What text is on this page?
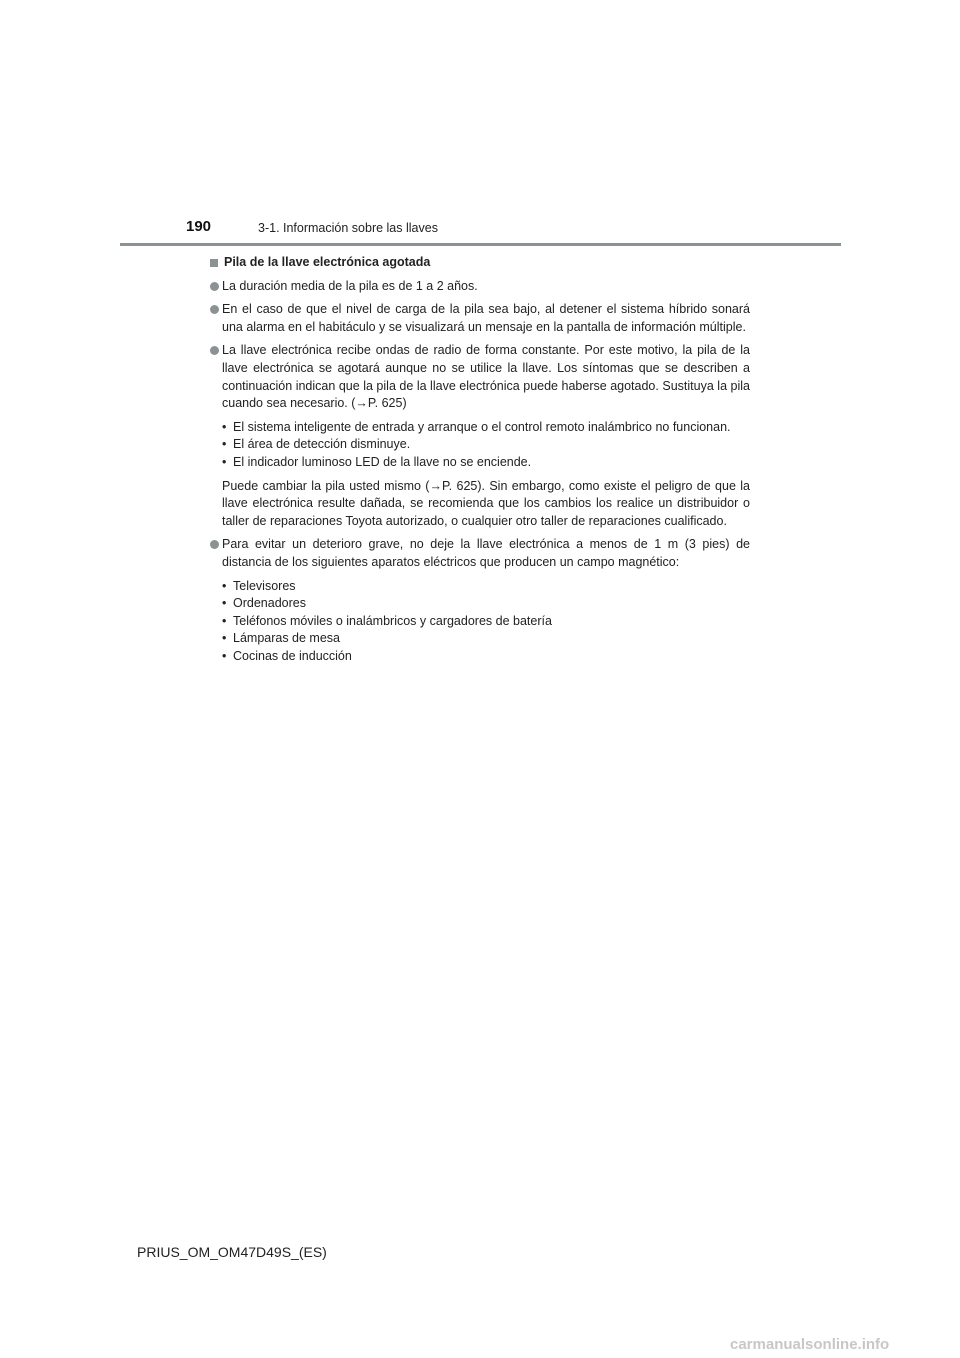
190	3-1. Información sobre las llaves
Pila de la llave electrónica agotada
La duración media de la pila es de 1 a 2 años.
En el caso de que el nivel de carga de la pila sea bajo, al detener el sistema híbrido sonará una alarma en el habitáculo y se visualizará un mensaje en la pantalla de información múltiple.
La llave electrónica recibe ondas de radio de forma constante. Por este motivo, la pila de la llave electrónica se agotará aunque no se utilice la llave. Los síntomas que se describen a continuación indican que la pila de la llave electrónica puede haberse agotado. Sustituya la pila cuando sea necesario. (→P. 625)
• El sistema inteligente de entrada y arranque o el control remoto inalámbrico no funcionan.
• El área de detección disminuye.
• El indicador luminoso LED de la llave no se enciende.
Puede cambiar la pila usted mismo (→P. 625). Sin embargo, como existe el peligro de que la llave electrónica resulte dañada, se recomienda que los cambios los realice un distribuidor o taller de reparaciones Toyota autorizado, o cualquier otro taller de reparaciones cualificado.
Para evitar un deterioro grave, no deje la llave electrónica a menos de 1 m (3 pies) de distancia de los siguientes aparatos eléctricos que producen un campo magnético:
• Televisores
• Ordenadores
• Teléfonos móviles o inalámbricos y cargadores de batería
• Lámparas de mesa
• Cocinas de inducción
PRIUS_OM_OM47D49S_(ES)
carmanualsonline.info
